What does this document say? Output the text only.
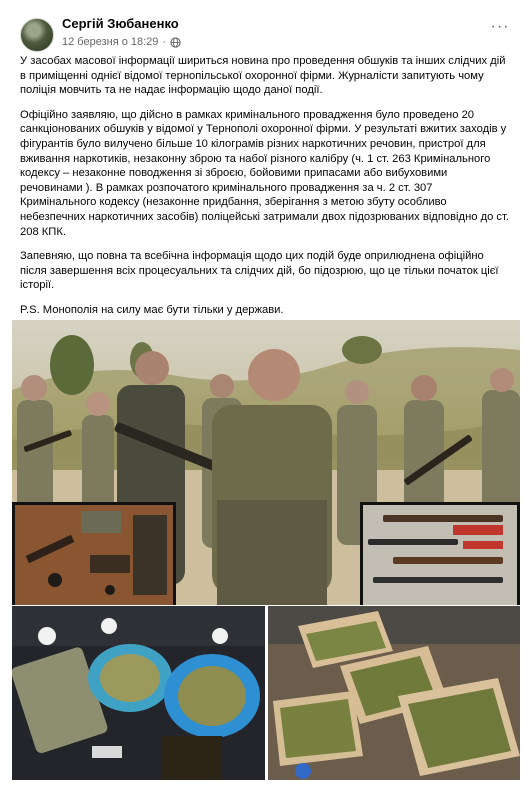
Сергій Зюбаненко
12 березня о 18:29 ·
···

У засобах масової інформації шириться новина про проведення обшуків та інших слідчих дій в приміщенні однієї відомої тернопільської охоронної фірми. Журналісти запитують чому поліція мовчить та не надає інформацію щодо даної події.

Офіційно заявляю, що дійсно в рамках кримінального провадження було проведено 20 санкціонованих обшуків у відомої у Тернополі охоронної фірми. У результаті вжитих заходів у фігурантів було вилучено більше 10 кілограмів різних наркотичних речовин, пристрої для вживання наркотиків, незаконну зброю та набої різного калібру (ч. 1 ст. 263 Кримінального кодексу – незаконне поводження зі зброєю, бойовими припасами або вибуховими речовинами ). В рамках розпочатого кримінального провадження за ч. 2 ст. 307 Кримінального кодексу (незаконне придбання, зберігання з метою збуту особливо небезпечних наркотичних засобів) поліцейські затримали двох підозрюваних відповідно до ст. 208 КПК.

Запевняю, що повна та всебічна інформація щодо цих подій буде оприлюднена офіційно після завершення всіх процесуальних та слідчих дій, бо підозрюю, що це тільки початок цієї історії.

P.S. Монополія на силу має бути тільки у держави.
